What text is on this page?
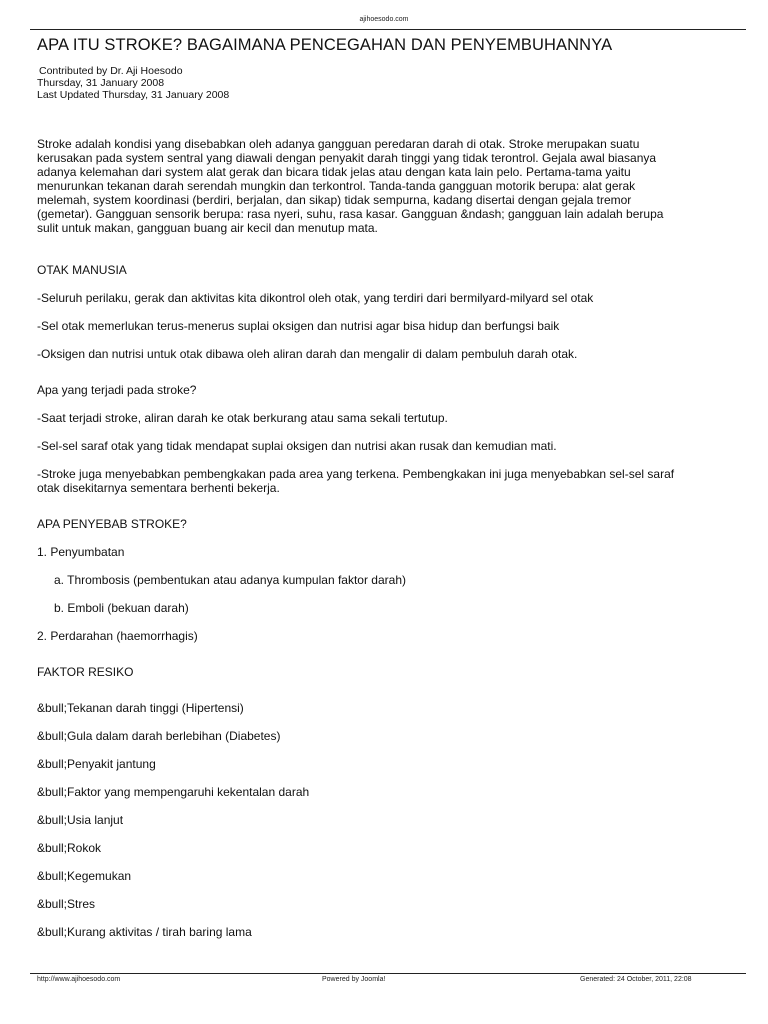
ajihoesodo.com
APA ITU STROKE? BAGAIMANA PENCEGAHAN DAN PENYEMBUHANNYA
Contributed by Dr. Aji Hoesodo
Thursday, 31 January 2008
Last Updated Thursday, 31 January 2008

Stroke adalah kondisi yang disebabkan oleh adanya gangguan peredaran darah di otak. Stroke merupakan suatu

kerusakan pada system sentral yang diawali dengan penyakit darah tinggi yang tidak terontrol. Gejala awal biasanya

adanya kelemahan dari system alat gerak dan bicara tidak jelas atau dengan kata lain pelo. Pertama-tama yaitu

menurunkan tekanan darah serendah mungkin dan terkontrol. Tanda-tanda gangguan motorik berupa: alat gerak

melemah, system koordinasi (berdiri, berjalan, dan sikap) tidak sempurna, kadang disertai dengan gejala tremor

(gemetar). Gangguan sensorik berupa: rasa nyeri, suhu, rasa kasar. Gangguan &ndash; gangguan lain adalah berupa

sulit untuk makan, gangguan buang air kecil dan menutup mata.

OTAK MANUSIA

-Seluruh perilaku, gerak dan aktivitas kita dikontrol oleh otak, yang terdiri dari bermilyard-milyard sel otak

-Sel otak memerlukan terus-menerus suplai oksigen dan nutrisi agar bisa hidup dan berfungsi baik

-Oksigen dan nutrisi untuk otak dibawa oleh aliran darah dan mengalir di dalam pembuluh darah otak.

Apa yang terjadi pada stroke?

-Saat terjadi stroke, aliran darah ke otak berkurang atau sama sekali tertutup.

-Sel-sel saraf otak yang tidak mendapat suplai oksigen dan nutrisi akan rusak dan kemudian mati.

-Stroke juga menyebabkan pembengkakan pada area yang terkena. Pembengkakan ini juga menyebabkan sel-sel saraf

otak disekitarnya sementara berhenti bekerja.

APA PENYEBAB STROKE?

1. Penyumbatan

a. Thrombosis (pembentukan atau adanya kumpulan faktor darah)

b. Emboli (bekuan darah)

2. Perdarahan (haemorrhagis)

FAKTOR RESIKO

&bull;Tekanan darah tinggi (Hipertensi)

&bull;Gula dalam darah berlebihan (Diabetes)

&bull;Penyakit jantung

&bull;Faktor yang mempengaruhi kekentalan darah

&bull;Usia lanjut

&bull;Rokok

&bull;Kegemukan

&bull;Stres

&bull;Kurang aktivitas / tirah baring lama

http://www.ajihoesodo.com	Powered by Joomla!	Generated: 24 October, 2011, 22:08
